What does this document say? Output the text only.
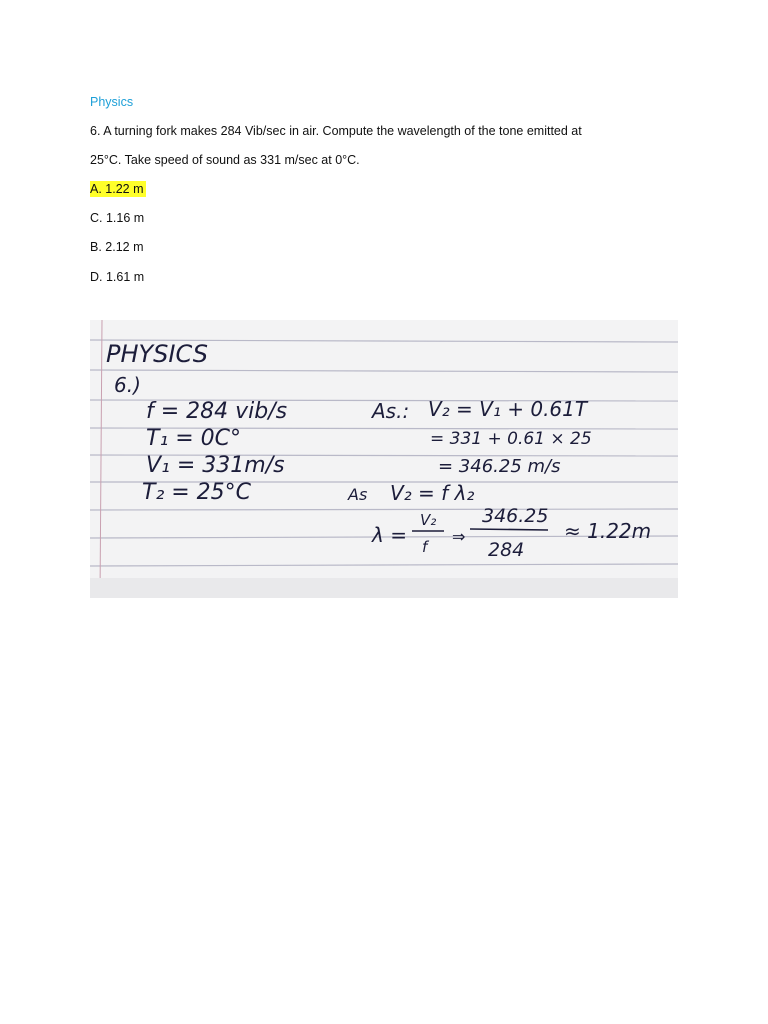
Physics
6. A turning fork makes 284 Vib/sec in air. Compute the wavelength of the tone emitted at
25°C. Take speed of sound as 331 m/sec at 0°C.
A. 1.22 m
C. 1.16 m
B. 2.12 m
D. 1.61 m
PHYSICS
6.)
f = 284 vib/s
T₁ = 0C°
V₁ = 331m/s
T₂ = 25°C
As.: V₂ = V₁ + 0.61T
= 331 + 0.61 × 25
= 346.25 m/s
As V₂ = f λ₂
λ =
V₂
f
⇒
346.25
284
≈ 1.22m
